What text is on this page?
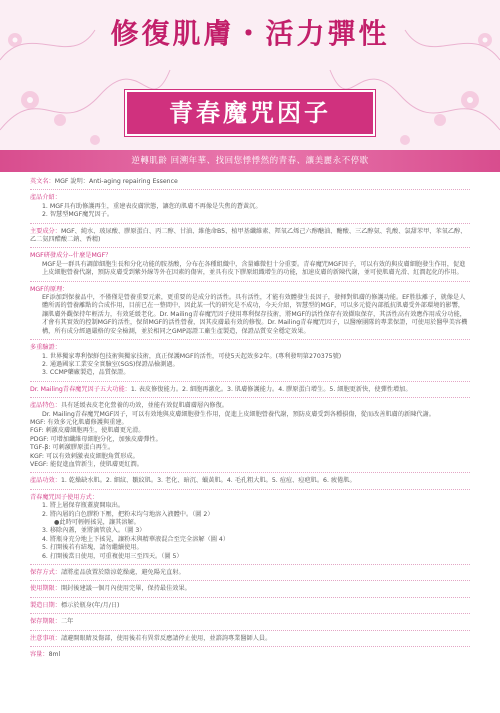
修復肌膚・活力彈性
青春魔咒因子
逆轉肌齡 回溯年華、找回您悸悸然的青春、讓美麗永不停歇
英文名：MGF 說明：Anti-aging repairing Essence
產品介紹：
1. MGF具有助修護再生，重建表皮膚狀態，讓您的肌膚不再像是失焦的蒼黃沉。
2. 智慧型MGF魔咒因子。
主要成分：MGF、純水、玻尿酸、膠原蛋白、丙二醇、甘油、維他命B5、植甲基纖維素、羥氧乙烯己六醇醣油、醣酸、三乙醇氨、乳酸、氯甜苯甲、苯氧乙醇、乙二氨四醋酸二鈉、香精)
MGF硏發成分--什麼是MGF？
MGF是一群具有調節細胞生長和分化功能的胺基酸，分布在各種組織中，含量雖微但十分重要。青春魔咒MGF因子，可以有效的與皮膚細胞發生作用，促進上皮細胞營養代謝，預防皮膚受到紫外線等外在因素的傷害，並具有皮下膠原組織增生的功能，加速皮膚的新陳代謝，並可使肌膚光滑、紅潤起化的作用。
MGF的原理：
EF添加到保養品中，不僅僅是營養重要元素，更重要的是成分的活性。具有活性，才能有效體發生長因子，發揮對肌膚的修護功能。EF胜肽離子，就像是人體所需的營養離點的合成作用，目前已在一整間中，因此某一代的研究是不成功，今天介紹，智慧型的MGF，可以多元從內部抵抗肌膚受外部環境的影響，讓肌膚外觀保持年輕活力，有效延緩老化。Dr. Mailing青春魔咒因子使用專利保存技術，將MGF的活性保存有效擷取保存，其活性高有效應作用成分功能，才會有其實效的控制MGF的活性，保留MGF的活性營養，因其皮膚最有效的修復。Dr. Mailing青春魔咒因子，以醫療團隊的專業保證，可使用於醫學美容機構，所有成分經過嚴格的安全檢測，並於相同之GMP認證工廠生產製造，保證品質安全穩定效果。
多重驗證：
1. 世界獨家專利保鮮包技術與獨家技術，真正保護MGF的活性，可使5天起效多2年。(專利發明第270375號)
2. 通過國家工業安全實驗室(SGS)保證品檢測過。
3. CCMP藥廠製造，品質保證。
Dr. Mailing青春魔咒因子五大功能：1. 表皮修復能力。2. 細胞再激化。3. 肌膚修護能力。4. 膠原蛋白增生。5. 細胞更新快，使彈性增加。
產品特色：具有延緩表皮老化營養的功效，並能有效促肌膚膚層內修復。
Dr. Mailing青春魔咒MGF因子，可以有效地與皮膚細胞發生作用，促進上皮細胞營養代謝，預防皮膚受到各種損傷，從而改善肌膚的新陳代謝。
MGF: 有效多元化肌膚修護與重建。
FGF: 刺激皮膚細胞再生，使肌膚更光滑。
PDGF: 可增加纖維母細胞分化，加強皮膚彈性。
TGF-β: 可刺激膠原蛋白再生。
KGF: 可以有效刺激表皮細胞角質形成。
VEGF: 能促進血管新生，使肌膚更紅潤。
產品功效：1. 乾燥缺水肌。2. 細紋、皺紋肌。3. 老化、暗沉、蠟黃肌。4. 毛孔粗大肌。5. 痘痘、痘疤肌。6. 疲倦肌。
青春魔咒因子使用方式：
1. 將上層保存瓶蓋旋開取出。
2. 將內層的白色膠粉下壓，把粉末均勻地溶入液體中。（圖 2）
●此時可輕輕搖晃，讓其溶解。
3. 移除內蓋，並將滴管放入。（圖 3）
4. 將瓶身充分地上下搖晃，讓粉末與精華液混合至完全溶解（圖 4）
5. 打開後若有結塊，請勿繼續使用。
6. 打開後當日使用，可重複使用三至四天。（圖 5）
保存方式：請將產品放置於陰涼乾燥處，避免陽光直射。
使用期限：開封後建議一個月內使用完畢，保持最佳效果。
製造日期：標示於瓶身(年/月/日)
保存期限：二年
注意事項：請避開眼睛及傷部，使用後若有異常反應請停止使用，並諮詢專業醫師人員。
容量：8ml
